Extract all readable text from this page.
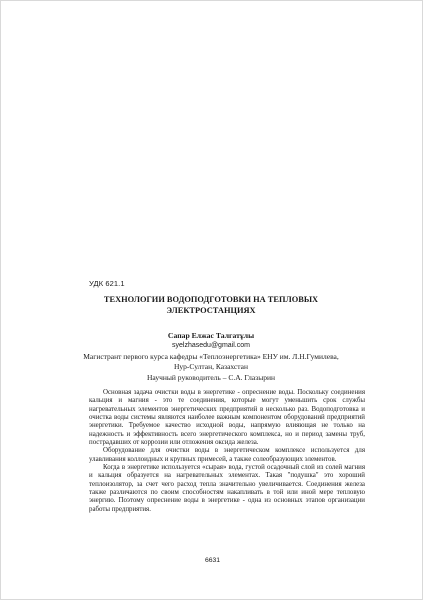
УДК 621.1
ТЕХНОЛОГИИ ВОДОПОДГОТОВКИ НА ТЕПЛОВЫХ
ЭЛЕКТРОСТАНЦИЯХ
Сапар Елжас Талгатұлы
syelzhasedu@gmail.com
Магистрант первого курса кафедры «Теплоэнергетика» ЕНУ им. Л.Н.Гумилева,
Нур-Султан, Казахстан
Научный руководитель – С.А. Глазырин

Основная задача очистки воды в энергетике - опреснение воды. Поскольку соединения кальция и магния - это те соединения, которые могут уменьшить срок службы нагревательных элементов энергетических предприятий в несколько раз. Водоподготовка и очистка воды системы являются наиболее важным компонентом оборудований предприятий энергетики. Требуемое качество исходной воды, напрямую влияющая не только на надежность и эффективность всего энергетического комплекса, но и период замены труб, пострадавших от коррозии или отложения оксида железа.

Оборудование для очистки воды в энергетическом комплексе используется для улавливания коллоидных и крупных примесей, а также солеобразующих элементов.

Когда в энергетике используется «сырая» вода, густой осадочный слой из солей магния и кальция образуется на нагревательных элементах. Такая "подушка" это хороший теплоизолятор, за счет чего расход тепла значительно увеличивается. Соединения железа также различаются по своим способностям накапливать в той или иной мере тепловую энергию. Поэтому опреснение воды в энергетике - одна из основных этапов организации работы предприятия.

6631
